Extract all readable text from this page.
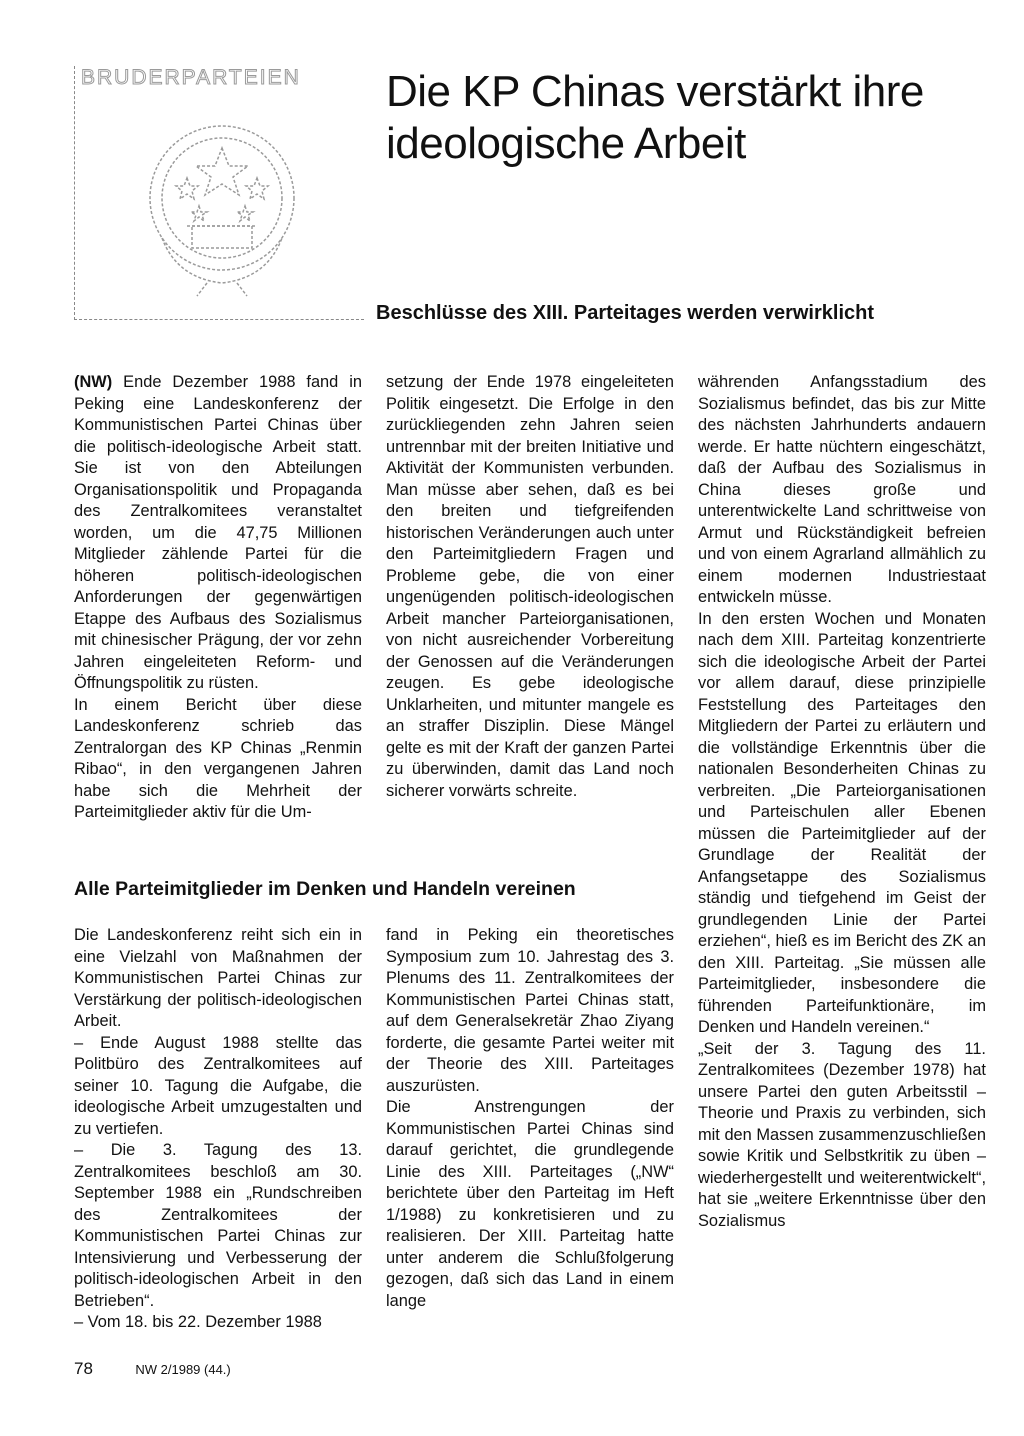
BRUDERPARTEIEN	Die KP Chinas verstärkt ihre ideologische Arbeit
Beschlüsse des XIII. Parteitages werden verwirklicht

(NW) Ende Dezember 1988 fand in Peking eine Landeskonferenz der Kommunistischen Partei Chinas über die politisch-ideologische Arbeit statt. Sie ist von den Abteilungen Organisationspolitik und Propaganda des Zentralkomitees veranstaltet worden, um die 47,75 Millionen Mitglieder zählende Partei für die höheren politisch-ideologischen Anforderungen der gegenwärtigen Etappe des Aufbaus des Sozialismus mit chinesischer Prägung, der vor zehn Jahren eingeleiteten Reform- und Öffnungspolitik zu rüsten.

In einem Bericht über diese Landeskonferenz schrieb das Zentralorgan des KP Chinas „Renmin Ribao“, in den vergangenen Jahren habe sich die Mehrheit der Parteimitglieder aktiv für die Um-

setzung der Ende 1978 eingeleiteten Politik eingesetzt. Die Erfolge in den zurückliegenden zehn Jahren seien untrennbar mit der breiten Initiative und Aktivität der Kommunisten verbunden. Man müsse aber sehen, daß es bei den breiten und tiefgreifenden historischen Veränderungen auch unter den Parteimitgliedern Fragen und Probleme gebe, die von einer ungenügenden politisch-ideologischen Arbeit mancher Parteiorganisationen, von nicht ausreichender Vorbereitung der Genossen auf die Veränderungen zeugen. Es gebe ideologische Unklarheiten, und mitunter mangele es an straffer Disziplin. Diese Mängel gelte es mit der Kraft der ganzen Partei zu überwinden, damit das Land noch sicherer vorwärts schreite.

währenden Anfangsstadium des Sozialismus befindet, das bis zur Mitte des nächsten Jahrhunderts andauern werde. Er hatte nüchtern eingeschätzt, daß der Aufbau des Sozialismus in China dieses große und unterentwickelte Land schrittweise von Armut und Rückständigkeit befreien und von einem Agrarland allmählich zu einem modernen Industriestaat entwickeln müsse.

In den ersten Wochen und Monaten nach dem XIII. Parteitag konzentrierte sich die ideologische Arbeit der Partei vor allem darauf, diese prinzipielle Feststellung des Parteitages den Mitgliedern der Partei zu erläutern und die vollständige Erkenntnis über die nationalen Besonderheiten Chinas zu verbreiten. „Die Parteiorganisationen und Parteischulen aller Ebenen müssen die Parteimitglieder auf der Grundlage der Realität der Anfangsetappe des Sozialismus ständig und tiefgehend im Geist der grundlegenden Linie der Partei erziehen“, hieß es im Bericht des ZK an den XIII. Parteitag. „Sie müssen alle Parteimitglieder, insbesondere die führenden Parteifunktionäre, im Denken und Handeln vereinen.“

„Seit der 3. Tagung des 11. Zentralkomitees (Dezember 1978) hat unsere Partei den guten Arbeitsstil – Theorie und Praxis zu verbinden, sich mit den Massen zusammenzuschließen sowie Kritik und Selbstkritik zu üben – wiederhergestellt und weiterentwickelt“, hat sie „weitere Erkenntnisse über den Sozialismus

Alle Parteimitglieder im Denken und Handeln vereinen

Die Landeskonferenz reiht sich ein in eine Vielzahl von Maßnahmen der Kommunistischen Partei Chinas zur Verstärkung der politisch-ideologischen Arbeit.

– Ende August 1988 stellte das Politbüro des Zentralkomitees auf seiner 10. Tagung die Aufgabe, die ideologische Arbeit umzugestalten und zu vertiefen.

– Die 3. Tagung des 13. Zentralkomitees beschloß am 30. September 1988 ein „Rundschreiben des Zentralkomitees der Kommunistischen Partei Chinas zur Intensivierung und Verbesserung der politisch-ideologischen Arbeit in den Betrieben“.

– Vom 18. bis 22. Dezember 1988

fand in Peking ein theoretisches Symposium zum 10. Jahrestag des 3. Plenums des 11. Zentralkomitees der Kommunistischen Partei Chinas statt, auf dem Generalsekretär Zhao Ziyang forderte, die gesamte Partei weiter mit der Theorie des XIII. Parteitages auszurüsten.

Die Anstrengungen der Kommunistischen Partei Chinas sind darauf gerichtet, die grundlegende Linie des XIII. Parteitages („NW“ berichtete über den Parteitag im Heft 1/1988) zu konkretisieren und zu realisieren. Der XIII. Parteitag hatte unter anderem die Schlußfolgerung gezogen, daß sich das Land in einem lange

78	NW 2/1989 (44.)
